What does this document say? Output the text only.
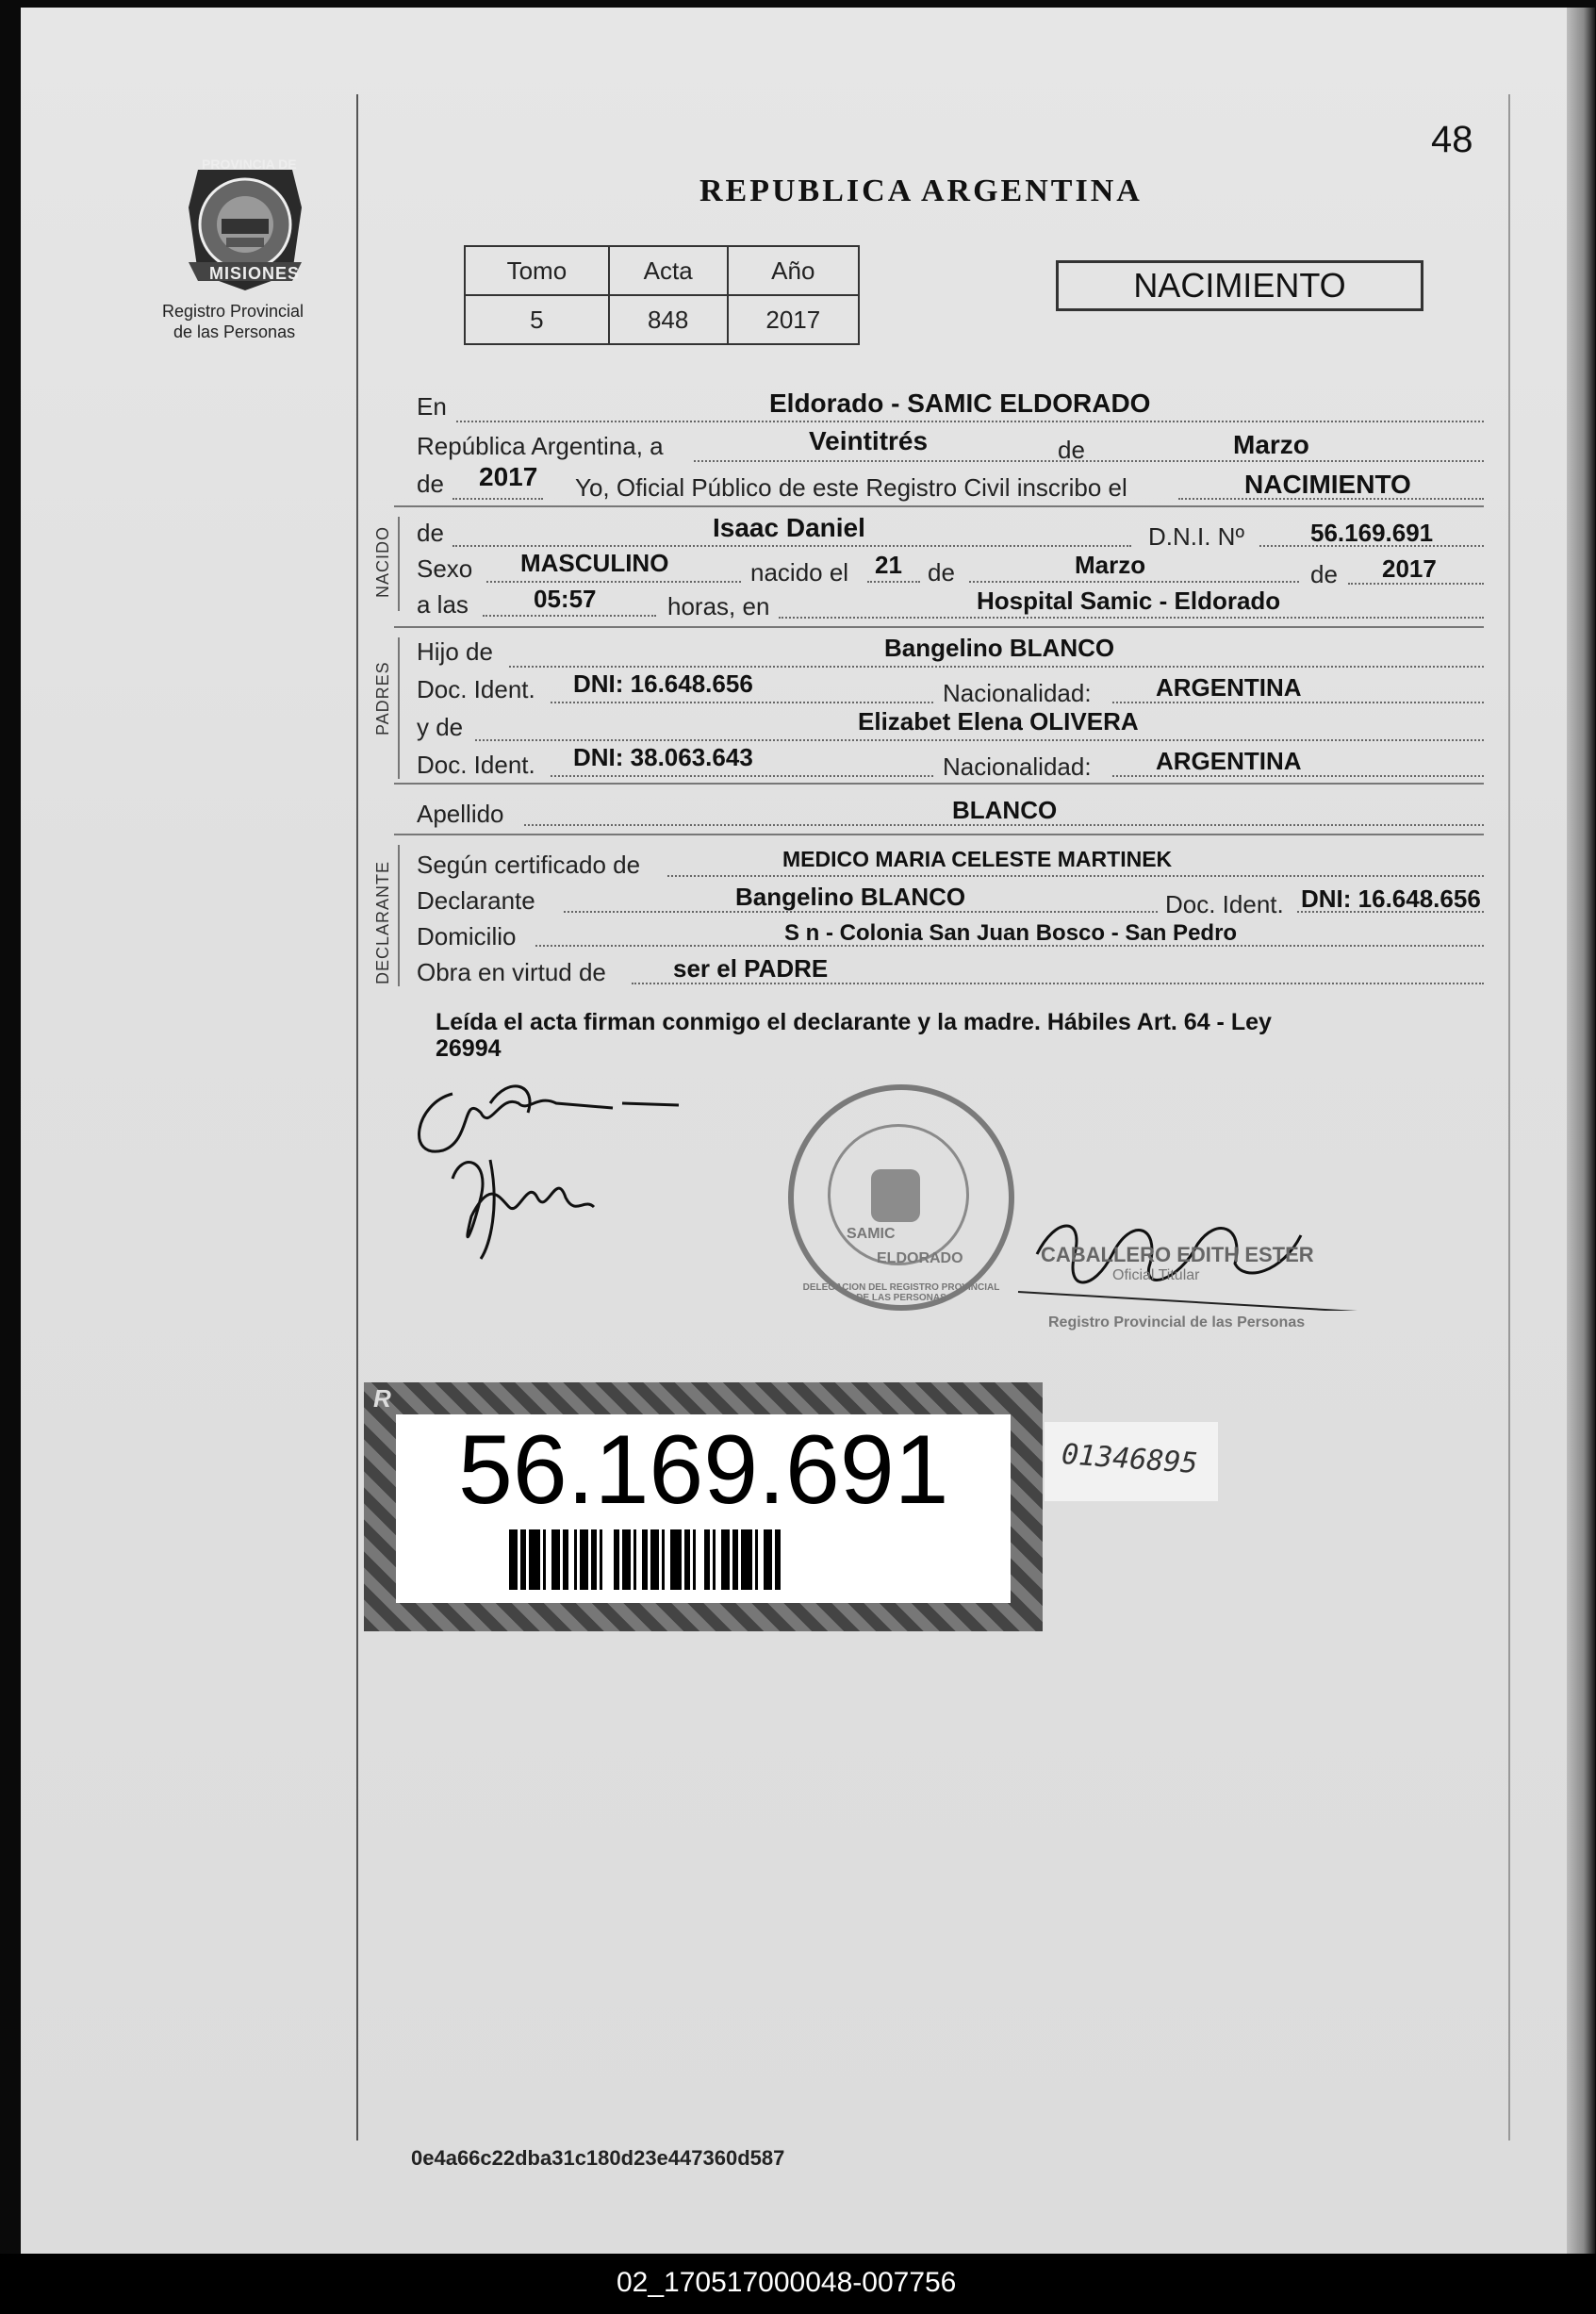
48
PROVINCIA DE
MISIONES
Registro Provincial
de las Personas
REPUBLICA ARGENTINA
Tomo	Acta	Año
5	848	2017
NACIMIENTO
En	Eldorado - SAMIC ELDORADO
República Argentina, a	Veintitrés	de	Marzo
de 2017 Yo, Oficial Público de este Registro Civil inscribo el	NACIMIENTO
NACIDO de	Isaac Daniel	D.N.I. Nº	56.169.691
Sexo MASCULINO	nacido el 21 de	Marzo	de 2017
a las	05:57	horas, en	Hospital Samic - Eldorado
PADRES
Hijo de	Bangelino BLANCO
Doc. Ident. DNI: 16.648.656	Nacionalidad:	ARGENTINA
y de	Elizabet Elena OLIVERA
Doc. Ident. DNI: 38.063.643	Nacionalidad:	ARGENTINA
Apellido	BLANCO
DECLARANTE Según certificado de	MEDICO MARIA CELESTE MARTINEK
Declarante	Bangelino BLANCO	Doc. Ident. DNI: 16.648.656
Domicilio	S n - Colonia San Juan Bosco - San Pedro
Obra en virtud de	ser el PADRE
Leída el acta firman conmigo el declarante y la madre. Hábiles Art. 64 - Ley
26994
DELEGACION DEL REGISTRO PROVINCIAL DE LAS PERSONAS
SAMIC
ELDORADO	CABALLERO EDITH ESTER
Oficial Titular
Registro Provincial de las Personas
R
56.169.691	01346895
0e4a66c22dba31c180d23e447360d587
02_170517000048-007756
